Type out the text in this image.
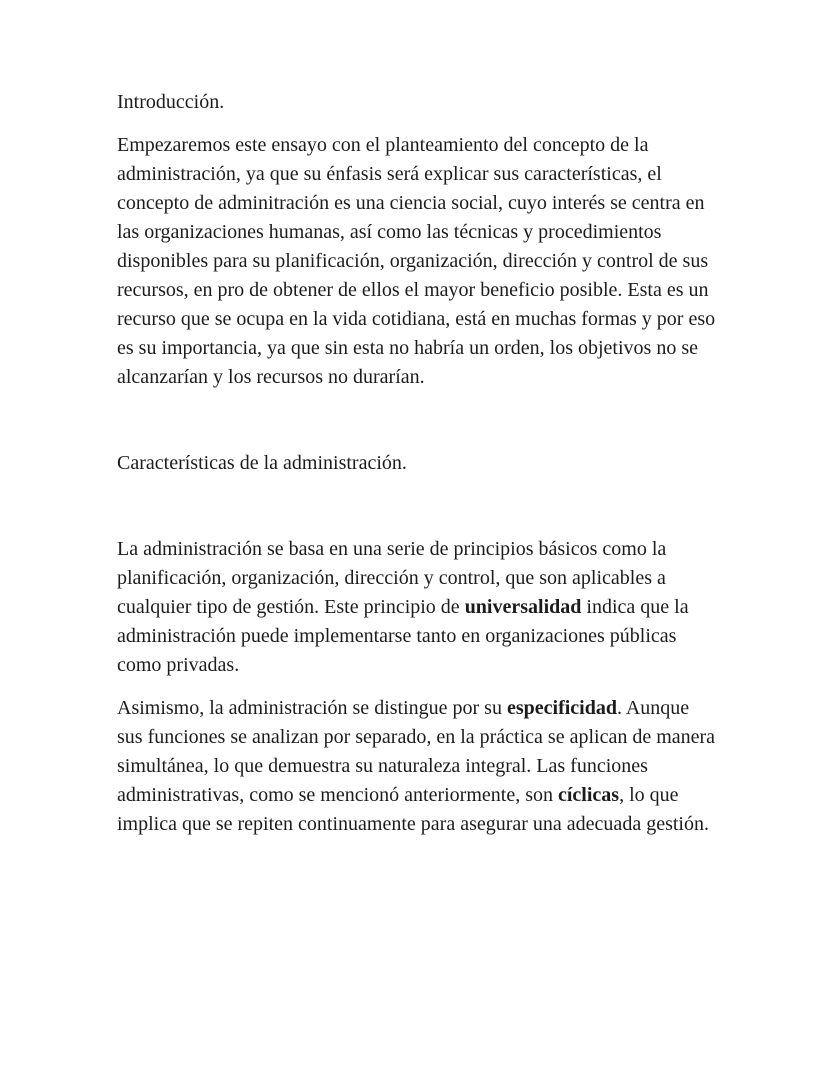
Introducción.

Empezaremos este ensayo con el planteamiento del concepto de la administración, ya que su énfasis será explicar sus características, el concepto de adminitración es una ciencia social, cuyo interés se centra en las organizaciones humanas, así como las técnicas y procedimientos disponibles para su planificación, organización, dirección y control de sus recursos, en pro de obtener de ellos el mayor beneficio posible. Esta es un recurso que se ocupa en la vida cotidiana, está en muchas formas y por eso es su importancia, ya que sin esta no habría un orden, los objetivos no se alcanzarían y los recursos no durarían.

Características de la administración.

La administración se basa en una serie de principios básicos como la planificación, organización, dirección y control, que son aplicables a cualquier tipo de gestión. Este principio de universalidad indica que la administración puede implementarse tanto en organizaciones públicas como privadas.

Asimismo, la administración se distingue por su especificidad. Aunque sus funciones se analizan por separado, en la práctica se aplican de manera simultánea, lo que demuestra su naturaleza integral. Las funciones administrativas, como se mencionó anteriormente, son cíclicas, lo que implica que se repiten continuamente para asegurar una adecuada gestión.
